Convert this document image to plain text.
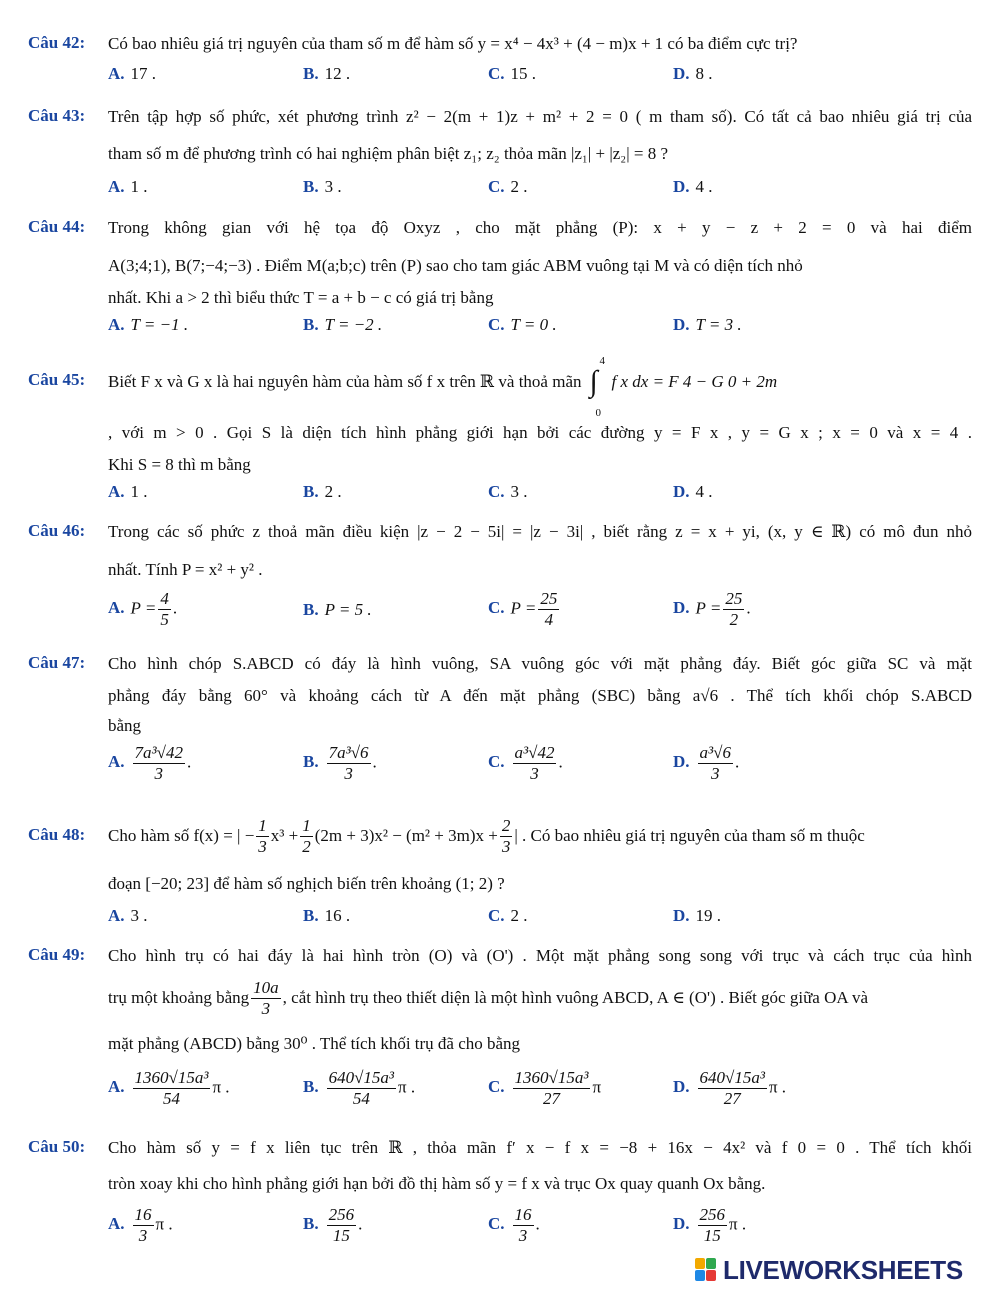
Câu 42: Có bao nhiêu giá trị nguyên của tham số m để hàm số y = x⁴ − 4x³ + (4 − m)x + 1 có ba điểm cực trị?
A. 17 .	B. 12 .	C. 15 .	D. 8 .
Câu 43: Trên tập hợp số phức, xét phương trình z² − 2(m + 1)z + m² + 2 = 0 ( m tham số). Có tất cả bao nhiêu giá trị của
tham số m để phương trình có hai nghiệm phân biệt z₁; z₂ thỏa mãn |z₁| + |z₂| = 8 ?
A. 1 .	B. 3 .	C. 2 .	D. 4 .
Câu 44: Trong không gian với hệ tọa độ Oxyz , cho mặt phẳng (P): x + y − z + 2 = 0 và hai điểm
A(3;4;1), B(7;−4;−3) . Điểm M(a;b;c) trên (P) sao cho tam giác ABM vuông tại M và có diện tích nhỏ
nhất. Khi a > 2 thì biểu thức T = a + b − c có giá trị bằng
A. T = −1 .	B. T = −2 .	C. T = 0 .	D. T = 3 .
Câu 45: Biết F x và G x là hai nguyên hàm của hàm số f x trên ℝ và thoả mãn
4
∫
0
f x dx = F 4 − G 0 + 2m
, với m > 0 . Gọi S là diện tích hình phẳng giới hạn bởi các đường y = F x , y = G x ; x = 0 và x = 4 .
Khi S = 8 thì m bằng
A. 1 .	B. 2 .	C. 3 .	D. 4 .
Câu 46: Trong các số phức z thoả mãn điều kiện |z − 2 − 5i| = |z − 3i| , biết rằng z = x + yi, (x, y ∈ ℝ) có mô đun nhỏ
nhất. Tính P = x² + y² .
A. $P = \frac{4}{5}$ .	B. P = 5 .	C. $P = \frac{25}{4}$	D. $P = \frac{25}{2}$ .
Câu 47: Cho hình chóp S.ABCD có đáy là hình vuông, SA vuông góc với mặt phẳng đáy. Biết góc giữa SC và mặt
phẳng đáy bằng 60° và khoảng cách từ A đến mặt phẳng (SBC) bằng a√6 . Thể tích khối chóp S.ABCD
bằng
A. $\frac{\text{7a³√42}}{3}$ .	B. $\frac{\text{7a³√6}}{3}$ .	C. $\frac{\text{a³√42}}{3}$ .	D. $\frac{\text{a³√6}}{3}$ .
Câu 48: Cho hàm số f(x) = | − $\frac{1}{3} x^3 + \frac{1}{2} (2m + 3)x^2 - (m^2 + 3m)x + \frac{2}{3}$ | . Có bao nhiêu giá trị nguyên của tham số m thuộc
đoạn [−20; 23] để hàm số nghịch biến trên khoảng (1; 2) ?
A. 3 .	B. 16 .	C. 2 .	D. 19 .
Câu 49: Cho hình trụ có hai đáy là hai hình tròn (O) và (O') . Một mặt phẳng song song với trục và cách trục của hình
trụ một khoảng bằng $\frac{10a}{3}$ , cắt hình trụ theo thiết diện là một hình vuông ABCD, A ∈ (O') . Biết góc giữa OA và
mặt phẳng (ABCD) bằng 30⁰ . Thể tích khối trụ đã cho bằng
A. $\frac{\text{1360√15a³}}{54}$ π .	B. $\frac{\text{640√15a³}}{54}$ π .	C. $\frac{\text{1360√15a³}}{27}$ π	D. $\frac{\text{640√15a³}}{27}$ π .
Câu 50: Cho hàm số y = f x liên tục trên ℝ , thỏa mãn f′ x − f x = −8 + 16x − 4x² và f 0 = 0 . Thể tích khối
tròn xoay khi cho hình phẳng giới hạn bởi đồ thị hàm số y = f x và trục Ox quay quanh Ox bằng.
A. $\frac{16}{3}$ π .	B. $\frac{256}{15}$ .	C. $\frac{16}{3}$ .	D. $\frac{256}{15}$ π .
LIVEWORKSHEETS
